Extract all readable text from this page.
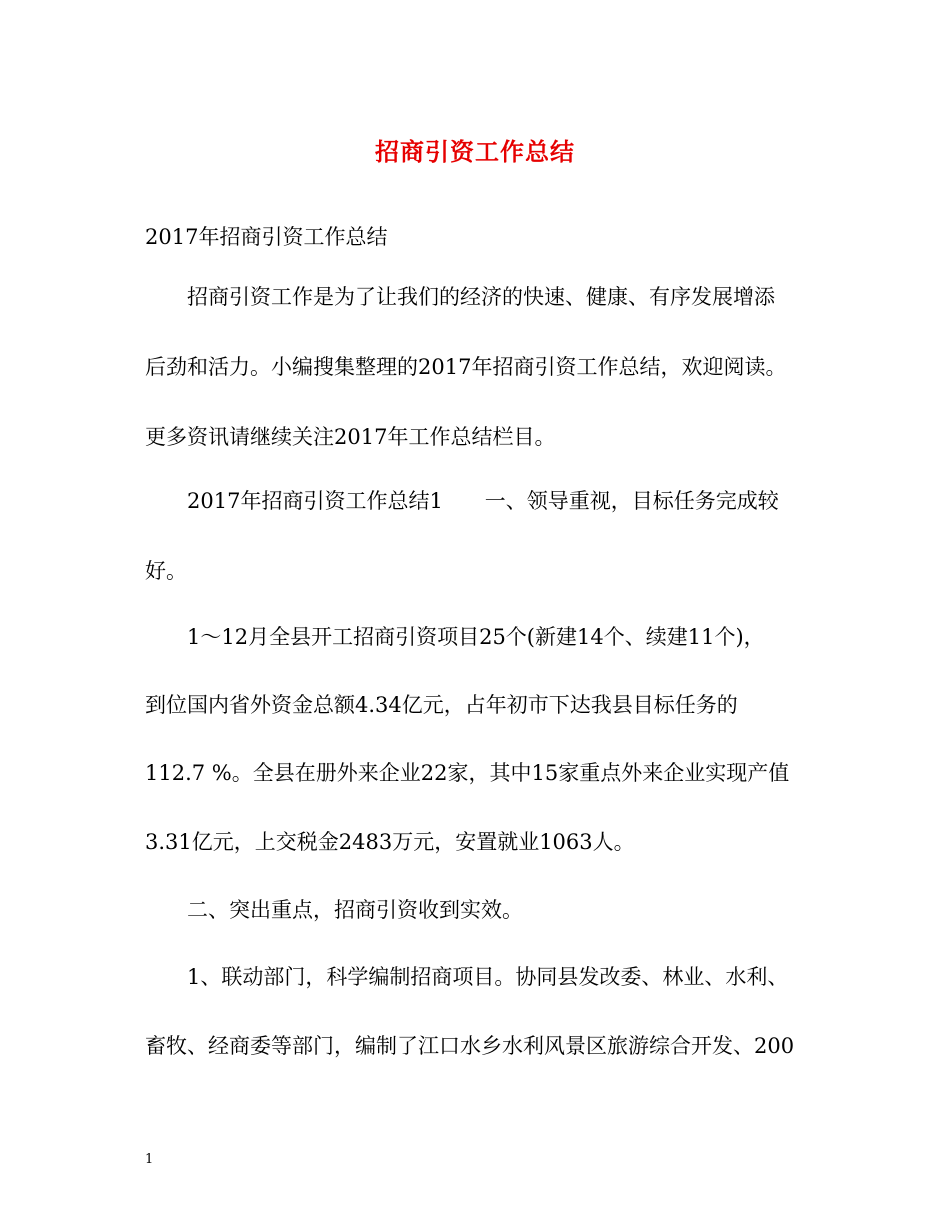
招商引资工作总结

2017年招商引资工作总结

招商引资工作是为了让我们的经济的快速、健康、有序发展增添

后劲和活力。小编搜集整理的2017年招商引资工作总结，欢迎阅读。

更多资讯请继续关注2017年工作总结栏目。

2017年招商引资工作总结1　　一、领导重视，目标任务完成较

好。

1～12月全县开工招商引资项目25个(新建14个、续建11个)，

到位国内省外资金总额4.34亿元，占年初市下达我县目标任务的

112.7 %。全县在册外来企业22家，其中15家重点外来企业实现产值

3.31亿元，上交税金2483万元，安置就业1063人。

二、突出重点，招商引资收到实效。

1、联动部门，科学编制招商项目。协同县发改委、林业、水利、

畜牧、经商委等部门，编制了江口水乡水利风景区旅游综合开发、200

1
